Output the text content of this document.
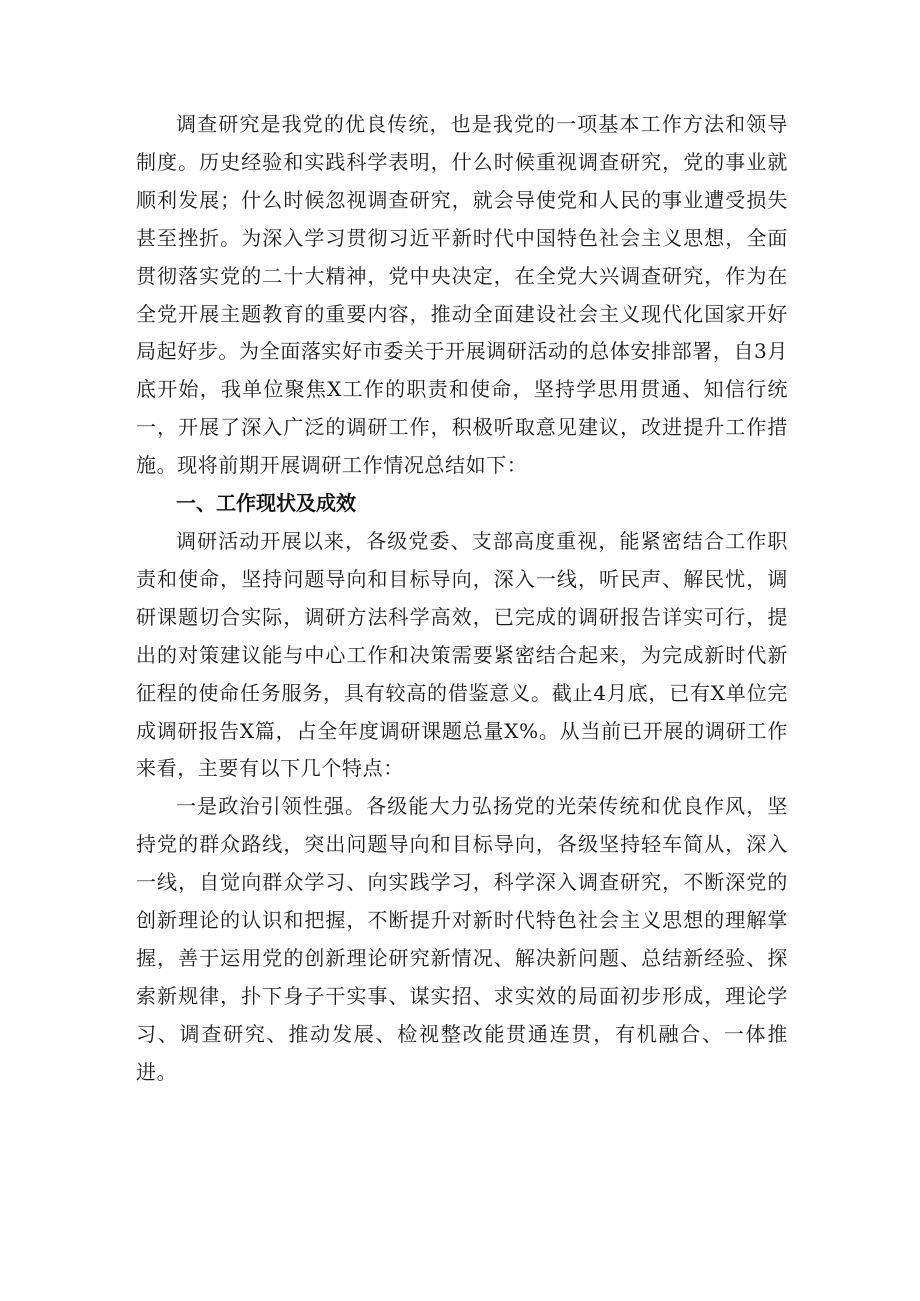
调查研究是我党的优良传统，也是我党的一项基本工作方法和领导制度。历史经验和实践科学表明，什么时候重视调查研究，党的事业就顺利发展；什么时候忽视调查研究，就会导使党和人民的事业遭受损失甚至挫折。为深入学习贯彻习近平新时代中国特色社会主义思想，全面贯彻落实党的二十大精神，党中央决定，在全党大兴调查研究，作为在全党开展主题教育的重要内容，推动全面建设社会主义现代化国家开好局起好步。为全面落实好市委关于开展调研活动的总体安排部署，自3月底开始，我单位聚焦X工作的职责和使命，坚持学思用贯通、知信行统一，开展了深入广泛的调研工作，积极听取意见建议，改进提升工作措施。现将前期开展调研工作情况总结如下：

一、工作现状及成效

调研活动开展以来，各级党委、支部高度重视，能紧密结合工作职责和使命，坚持问题导向和目标导向，深入一线，听民声、解民忧，调研课题切合实际，调研方法科学高效，已完成的调研报告详实可行，提出的对策建议能与中心工作和决策需要紧密结合起来，为完成新时代新征程的使命任务服务，具有较高的借鉴意义。截止4月底，已有X单位完成调研报告X篇，占全年度调研课题总量X%。从当前已开展的调研工作来看，主要有以下几个特点：

一是政治引领性强。各级能大力弘扬党的光荣传统和优良作风，坚持党的群众路线，突出问题导向和目标导向，各级坚持轻车简从，深入一线，自觉向群众学习、向实践学习，科学深入调查研究，不断深党的创新理论的认识和把握，不断提升对新时代特色社会主义思想的理解掌握，善于运用党的创新理论研究新情况、解决新问题、总结新经验、探索新规律，扑下身子干实事、谋实招、求实效的局面初步形成，理论学习、调查研究、推动发展、检视整改能贯通连贯，有机融合、一体推进。
